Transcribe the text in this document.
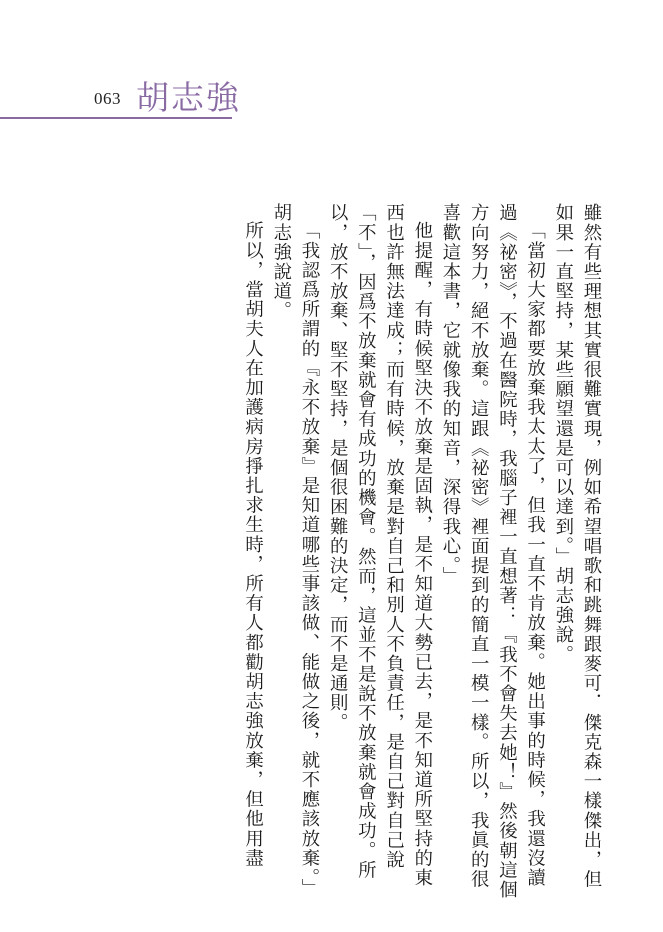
063 胡志強

雖然有些理想其實很難實現，例如希望唱歌和跳舞跟麥可．傑克森一樣傑出，但如果一直堅持，某些願望還是可以達到。」胡志強說。

「當初大家都要放棄我太太了，但我一直不肯放棄。她出事的時候，我還沒讀過《祕密》，不過在醫院時，我腦子裡一直想著：『我不會失去她！』然後朝這個方向努力，絕不放棄。這跟《祕密》裡面提到的簡直一模一樣。所以，我眞的很喜歡這本書，它就像我的知音，深得我心。」

他提醒，有時候堅決不放棄是固執，是不知道大勢已去，是不知道所堅持的東西也許無法達成；而有時候，放棄是對自己和別人不負責任，是自己對自己說「不」，因爲不放棄就會有成功的機會。然而，這並不是說不放棄就會成功。所以，放不放棄、堅不堅持，是個很困難的決定，而不是通則。

「我認爲所謂的『永不放棄』是知道哪些事該做、能做之後，就不應該放棄。」胡志強說道。

所以，當胡夫人在加護病房掙扎求生時，所有人都勸胡志強放棄，但他用盡
